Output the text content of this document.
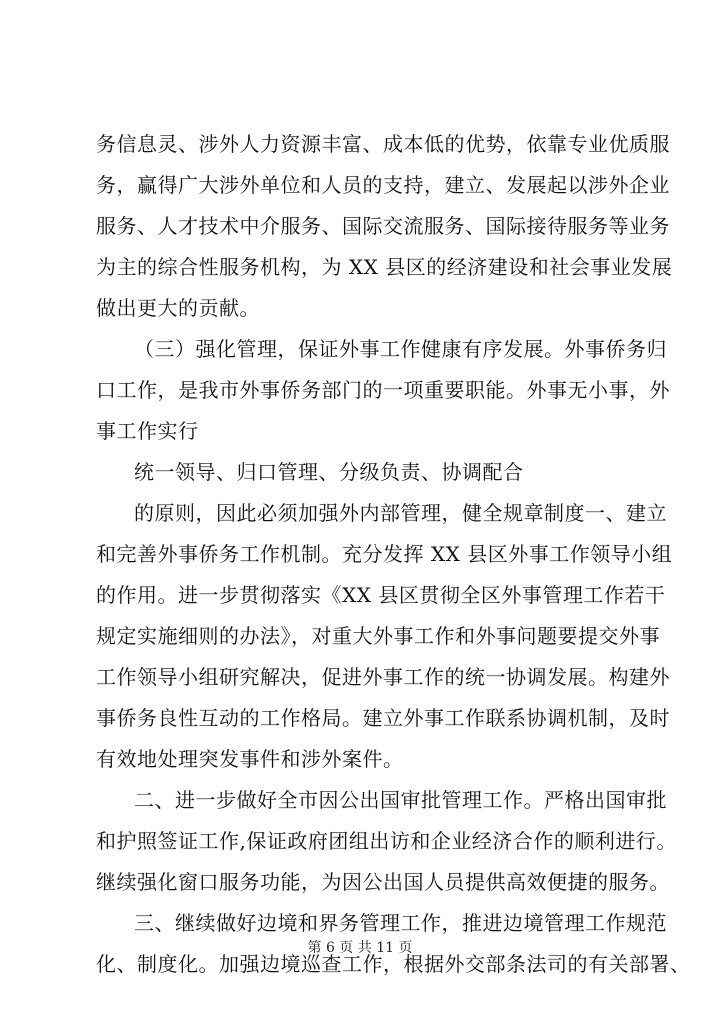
务信息灵、涉外人力资源丰富、成本低的优势，依靠专业优质服
务，赢得广大涉外单位和人员的支持，建立、发展起以涉外企业
服务、人才技术中介服务、国际交流服务、国际接待服务等业务
为主的综合性服务机构，为 XX 县区的经济建设和社会事业发展
做出更大的贡献。
（三）强化管理，保证外事工作健康有序发展。外事侨务归
口工作，是我市外事侨务部门的一项重要职能。外事无小事，外
事工作实行
统一领导、归口管理、分级负责、协调配合
的原则，因此必须加强外内部管理，健全规章制度一、建立
和完善外事侨务工作机制。充分发挥 XX 县区外事工作领导小组
的作用。进一步贯彻落实《XX 县区贯彻全区外事管理工作若干
规定实施细则的办法》，对重大外事工作和外事问题要提交外事
工作领导小组研究解决，促进外事工作的统一协调发展。构建外
事侨务良性互动的工作格局。建立外事工作联系协调机制，及时
有效地处理突发事件和涉外案件。
二、进一步做好全市因公出国审批管理工作。严格出国审批
和护照签证工作,保证政府团组出访和企业经济合作的顺利进行。
继续强化窗口服务功能，为因公出国人员提供高效便捷的服务。
三、继续做好边境和界务管理工作，推进边境管理工作规范
化、制度化。加强边境巡查工作，根据外交部条法司的有关部署、
第 6 页 共 11 页
